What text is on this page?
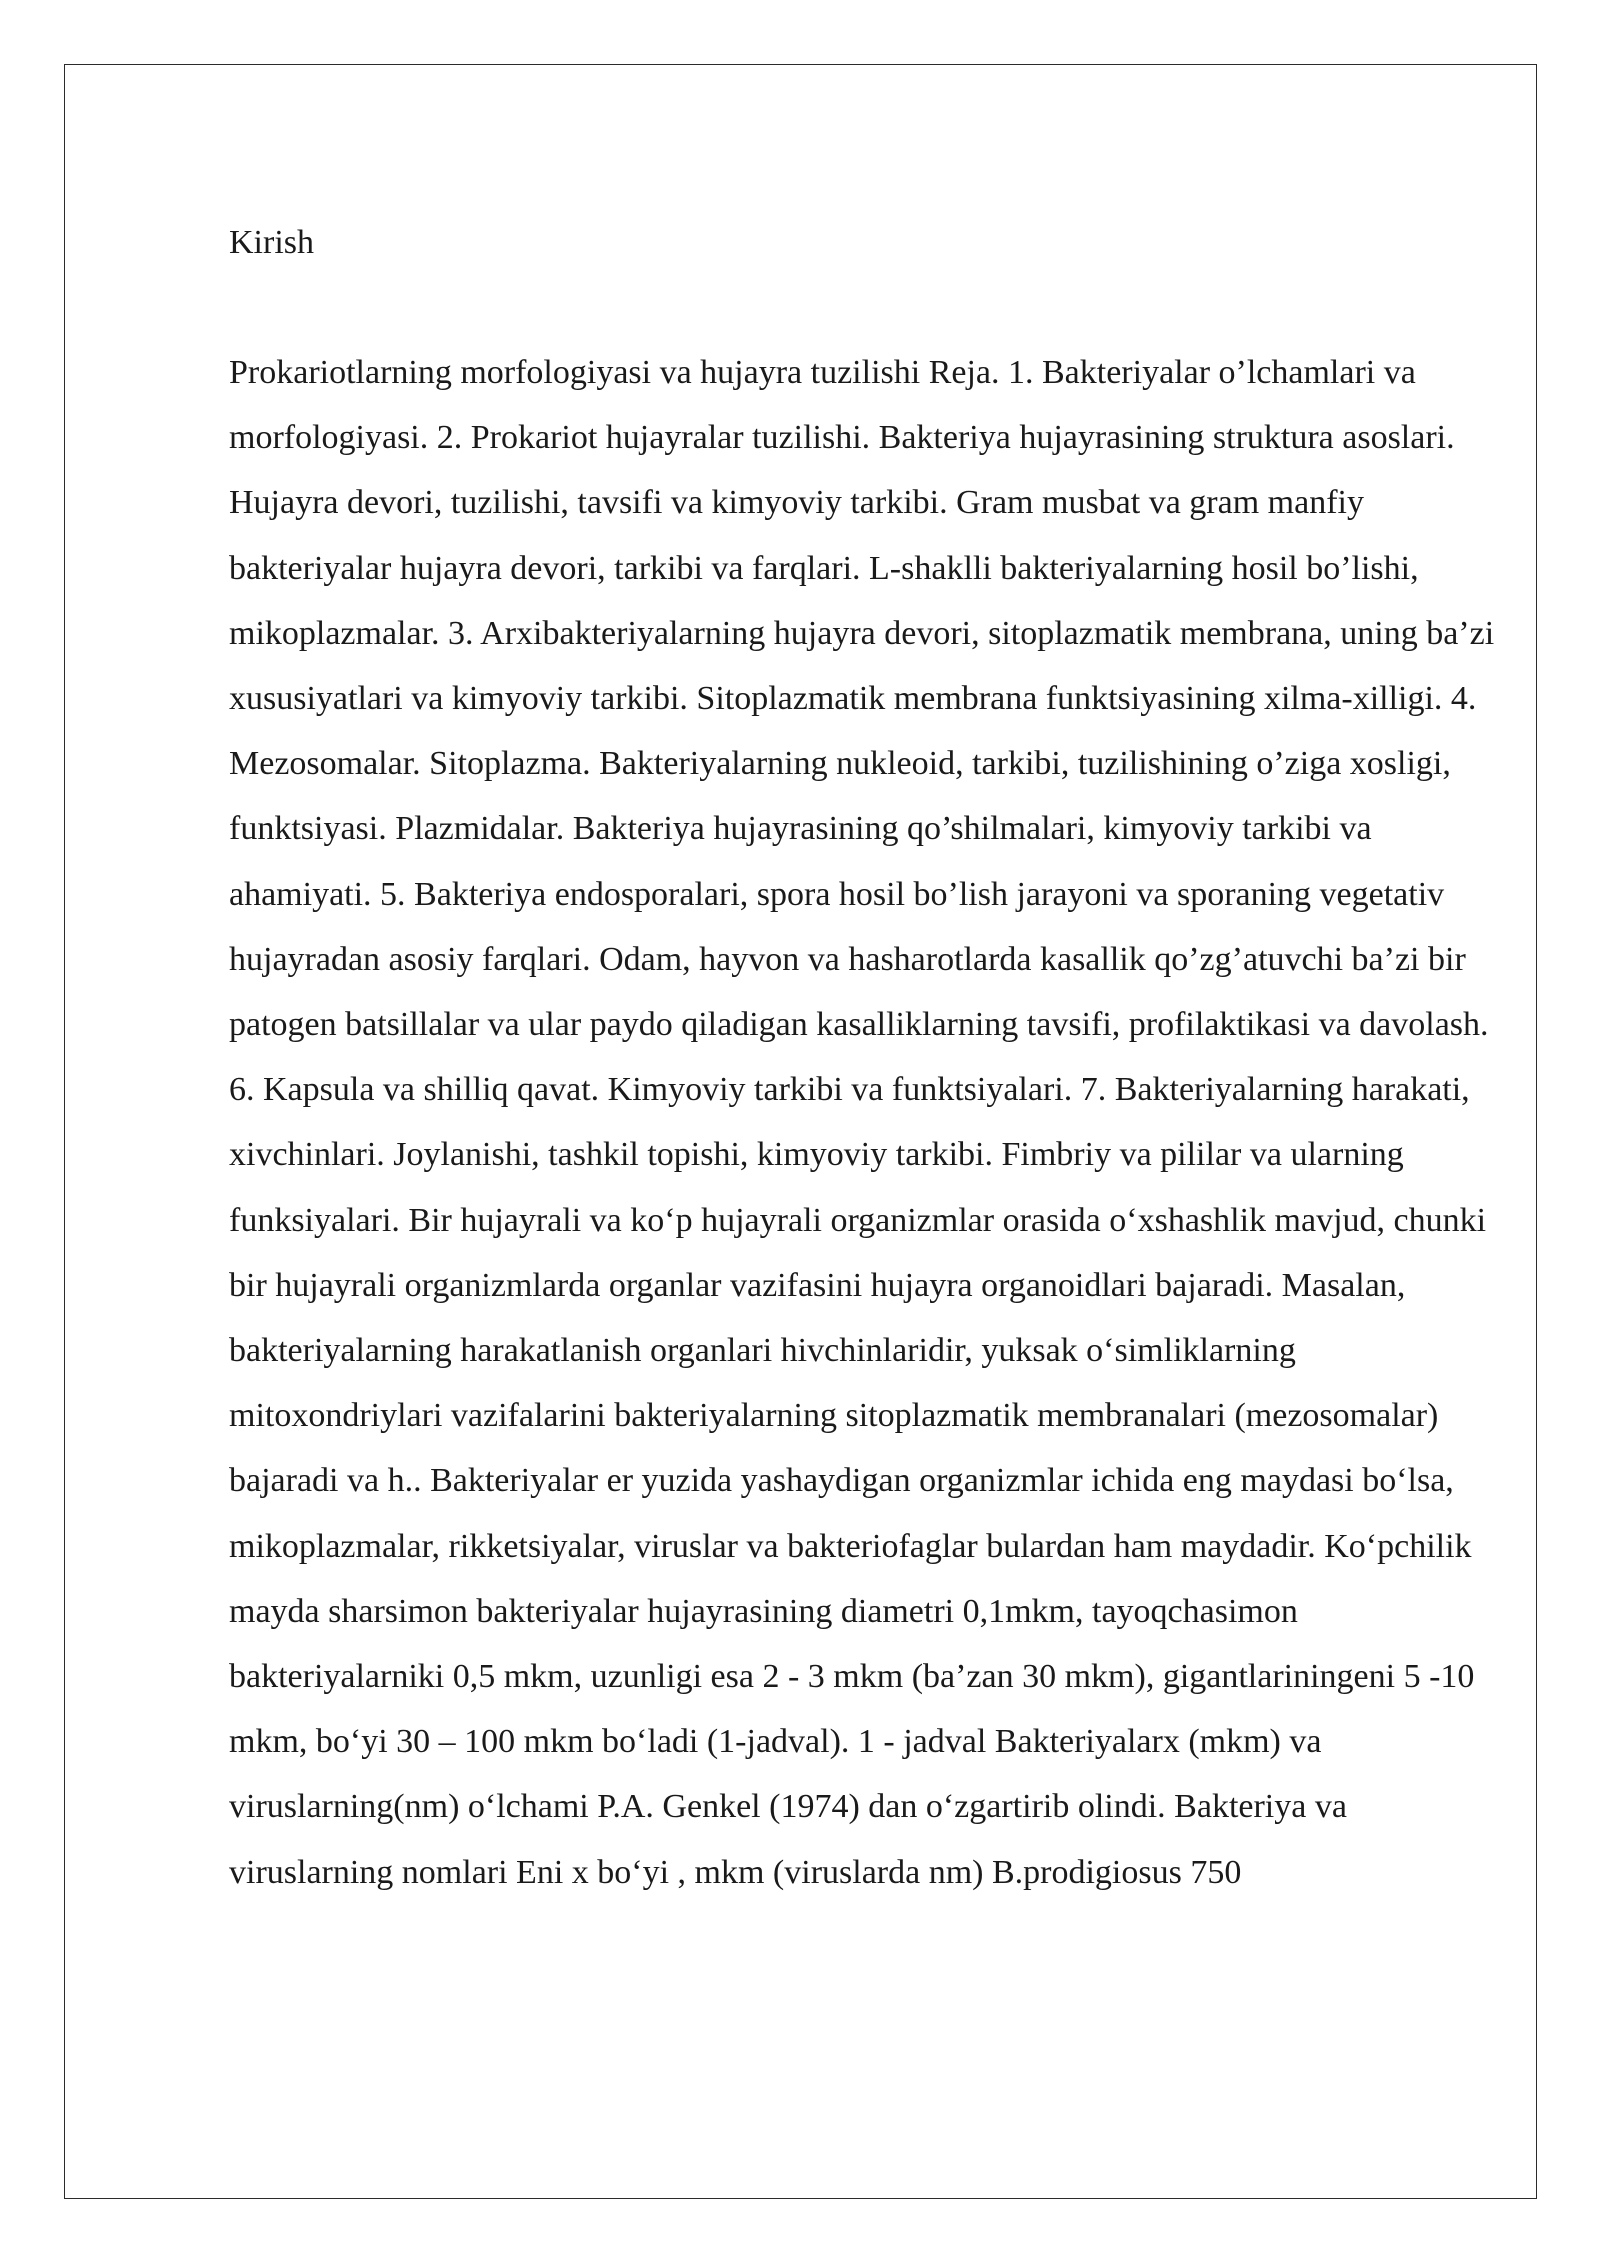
Kirish

Prokariotlarning morfologiyasi va hujayra tuzilishi Reja. 1. Bakteriyalar o’lchamlari va morfologiyasi. 2. Prokariot hujayralar tuzilishi. Bakteriya hujayrasining struktura asoslari. Hujayra devori, tuzilishi, tavsifi va kimyoviy tarkibi. Gram musbat va gram manfiy bakteriyalar hujayra devori, tarkibi va farqlari. L-shaklli bakteriyalarning hosil bo’lishi, mikoplazmalar. 3. Arxibakteriyalarning hujayra devori, sitoplazmatik membrana, uning ba’zi xususiyatlari va kimyoviy tarkibi. Sitoplazmatik membrana funktsiyasining xilma-xilligi. 4. Mezosomalar. Sitoplazma. Bakteriyalarning nukleoid, tarkibi, tuzilishining o’ziga xosligi, funktsiyasi. Plazmidalar. Bakteriya hujayrasining qo’shilmalari, kimyoviy tarkibi va ahamiyati. 5. Bakteriya endosporalari, spora hosil bo’lish jarayoni va sporaning vegetativ hujayradan asosiy farqlari. Odam, hayvon va hasharotlarda kasallik qo’zg’atuvchi ba’zi bir patogen batsillalar va ular paydo qiladigan kasalliklarning tavsifi, profilaktikasi va davolash. 6. Kapsula va shilliq qavat. Kimyoviy tarkibi va funktsiyalari. 7. Bakteriyalarning harakati, xivchinlari. Joylanishi, tashkil topishi, kimyoviy tarkibi. Fimbriy va pililar va ularning funksiyalari. Bir hujayrali va ko‘p hujayrali organizmlar orasida o‘xshashlik mavjud, chunki bir hujayrali organizmlarda organlar vazifasini hujayra organoidlari bajaradi. Masalan, bakteriyalarning harakatlanish organlari hivchinlaridir, yuksak o‘simliklarning mitoxondriylari vazifalarini bakteriyalarning sitoplazmatik membranalari (mezosomalar) bajaradi va h.. Bakteriyalar er yuzida yashaydigan organizmlar ichida eng maydasi bo‘lsa, mikoplazmalar, rikketsiyalar, viruslar va bakteriofaglar bulardan ham maydadir. Ko‘pchilik mayda sharsimon bakteriyalar hujayrasining diametri 0,1mkm, tayoqchasimon bakteriyalarniki 0,5 mkm, uzunligi esa 2 - 3 mkm (ba’zan 30 mkm), gigantlariningeni 5 -10 mkm, bo‘yi 30 – 100 mkm bo‘ladi (1-jadval). 1 - jadval Bakteriyalarx (mkm) va viruslarning(nm) o‘lchami P.A. Genkel (1974) dan o‘zgartirib olindi. Bakteriya va viruslarning nomlari Eni x bo‘yi , mkm (viruslarda nm) B.prodigiosus 750
